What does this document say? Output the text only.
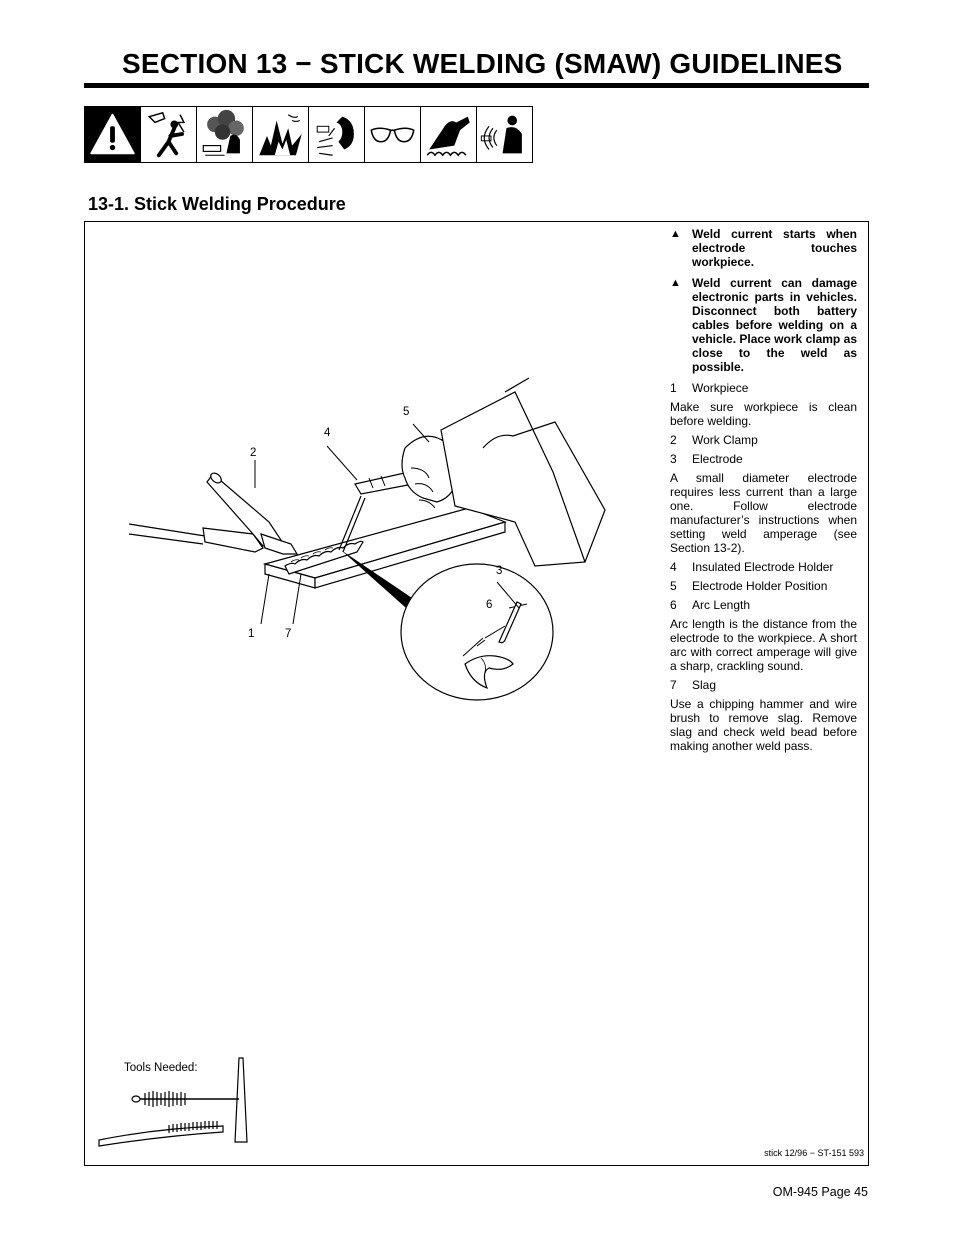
SECTION 13 − STICK WELDING (SMAW) GUIDELINES
13-1. Stick Welding Procedure
1
2
3
4
5
6
7
▲ Weld current starts when electrode touches workpiece.
▲ Weld current can damage electronic parts in vehicles. Disconnect both battery cables before welding on a vehicle. Place work clamp as close to the weld as possible.
1	Workpiece

Make sure workpiece is clean before welding.

2	Work Clamp
3	Electrode

A small diameter electrode requires less current than a large one. Follow electrode manufacturer’s instructions when setting weld amperage (see Section 13-2).

4	Insulated Electrode Holder
5	Electrode Holder Position
6	Arc Length

Arc length is the distance from the electrode to the workpiece. A short arc with correct amperage will give a sharp, crackling sound.

7	Slag

Use a chipping hammer and wire brush to remove slag. Remove slag and check weld bead before making another weld pass.

Tools Needed:
stick 12/96 − ST-151 593
OM-945 Page 45
